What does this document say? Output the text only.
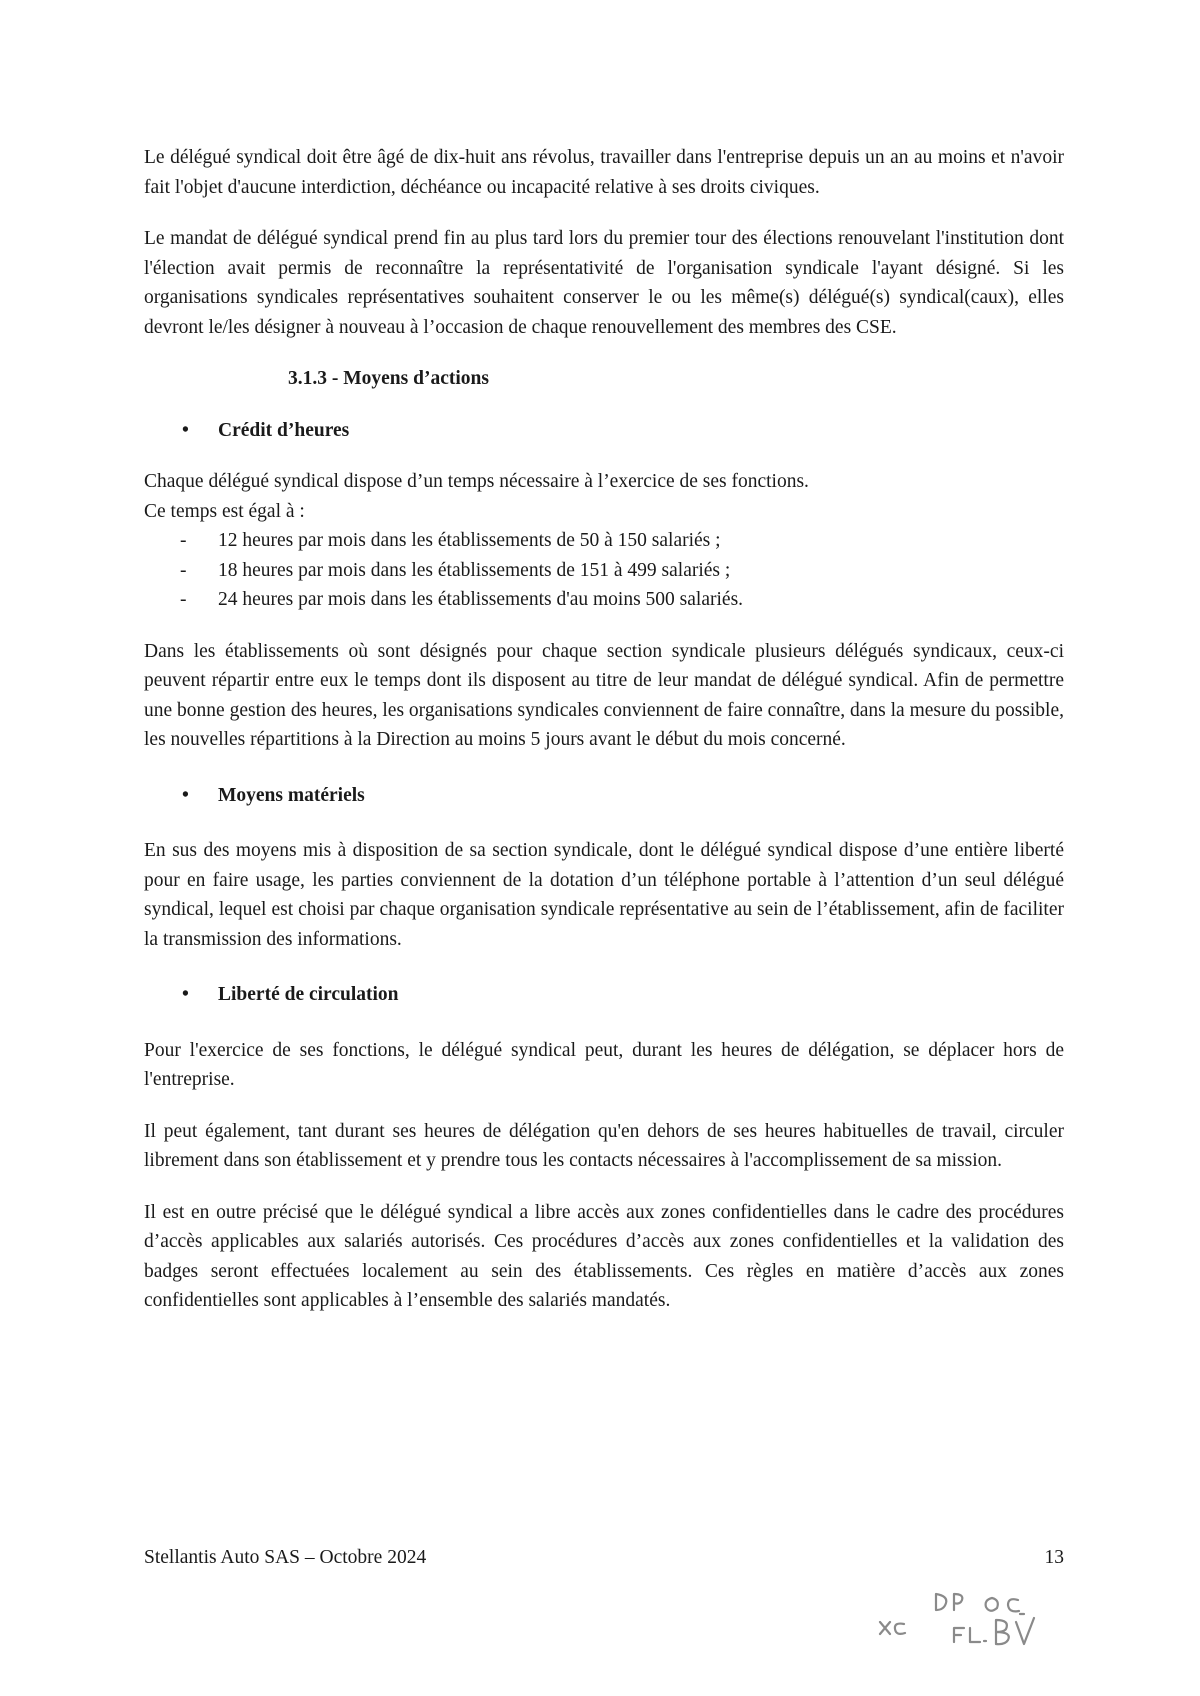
Le délégué syndical doit être âgé de dix-huit ans révolus, travailler dans l'entreprise depuis un an au moins et n'avoir fait l'objet d'aucune interdiction, déchéance ou incapacité relative à ses droits civiques.

Le mandat de délégué syndical prend fin au plus tard lors du premier tour des élections renouvelant l'institution dont l'élection avait permis de reconnaître la représentativité de l'organisation syndicale l'ayant désigné. Si les organisations syndicales représentatives souhaitent conserver le ou les même(s) délégué(s) syndical(caux), elles devront le/les désigner à nouveau à l’occasion de chaque renouvellement des membres des CSE.

3.1.3 - Moyens d’actions
• Crédit d’heures

Chaque délégué syndical dispose d’un temps nécessaire à l’exercice de ses fonctions.

Ce temps est égal à :

- 12 heures par mois dans les établissements de 50 à 150 salariés ;
- 18 heures par mois dans les établissements de 151 à 499 salariés ;
- 24 heures par mois dans les établissements d'au moins 500 salariés.

Dans les établissements où sont désignés pour chaque section syndicale plusieurs délégués syndicaux, ceux-ci peuvent répartir entre eux le temps dont ils disposent au titre de leur mandat de délégué syndical. Afin de permettre une bonne gestion des heures, les organisations syndicales conviennent de faire connaître, dans la mesure du possible, les nouvelles répartitions à la Direction au moins 5 jours avant le début du mois concerné.

• Moyens matériels

En sus des moyens mis à disposition de sa section syndicale, dont le délégué syndical dispose d’une entière liberté pour en faire usage, les parties conviennent de la dotation d’un téléphone portable à l’attention d’un seul délégué syndical, lequel est choisi par chaque organisation syndicale représentative au sein de l’établissement, afin de faciliter la transmission des informations.

• Liberté de circulation

Pour l'exercice de ses fonctions, le délégué syndical peut, durant les heures de délégation, se déplacer hors de l'entreprise.

Il peut également, tant durant ses heures de délégation qu'en dehors de ses heures habituelles de travail, circuler librement dans son établissement et y prendre tous les contacts nécessaires à l'accomplissement de sa mission.

Il est en outre précisé que le délégué syndical a libre accès aux zones confidentielles dans le cadre des procédures d’accès applicables aux salariés autorisés. Ces procédures d’accès aux zones confidentielles et la validation des badges seront effectuées localement au sein des établissements. Ces règles en matière d’accès aux zones confidentielles sont applicables à l’ensemble des salariés mandatés.

Stellantis Auto SAS – Octobre 2024	13
